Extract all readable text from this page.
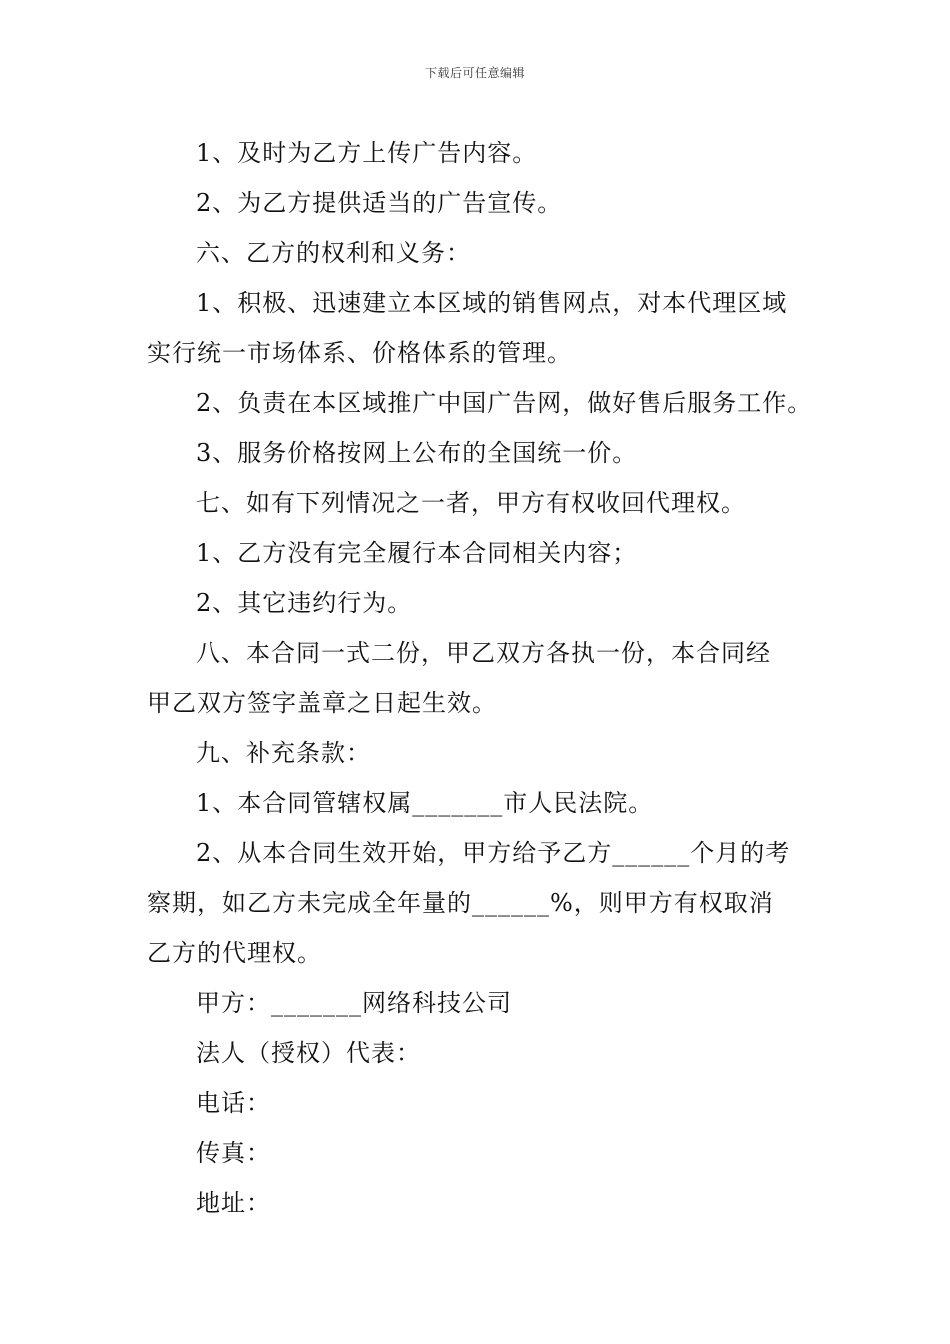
下载后可任意编辑
1、及时为乙方上传广告内容。
2、为乙方提供适当的广告宣传。
六、乙方的权利和义务：
1、积极、迅速建立本区域的销售网点，对本代理区域
实行统一市场体系、价格体系的管理。
2、负责在本区域推广中国广告网，做好售后服务工作。
3、服务价格按网上公布的全国统一价。
七、如有下列情况之一者，甲方有权收回代理权。
1、乙方没有完全履行本合同相关内容；
2、其它违约行为。
八、本合同一式二份，甲乙双方各执一份，本合同经
甲乙双方签字盖章之日起生效。
九、补充条款：
1、本合同管辖权属_______市人民法院。
2、从本合同生效开始，甲方给予乙方______个月的考
察期，如乙方未完成全年量的______%，则甲方有权取消
乙方的代理权。
甲方：_______网络科技公司
法人（授权）代表：
电话：
传真：
地址：
